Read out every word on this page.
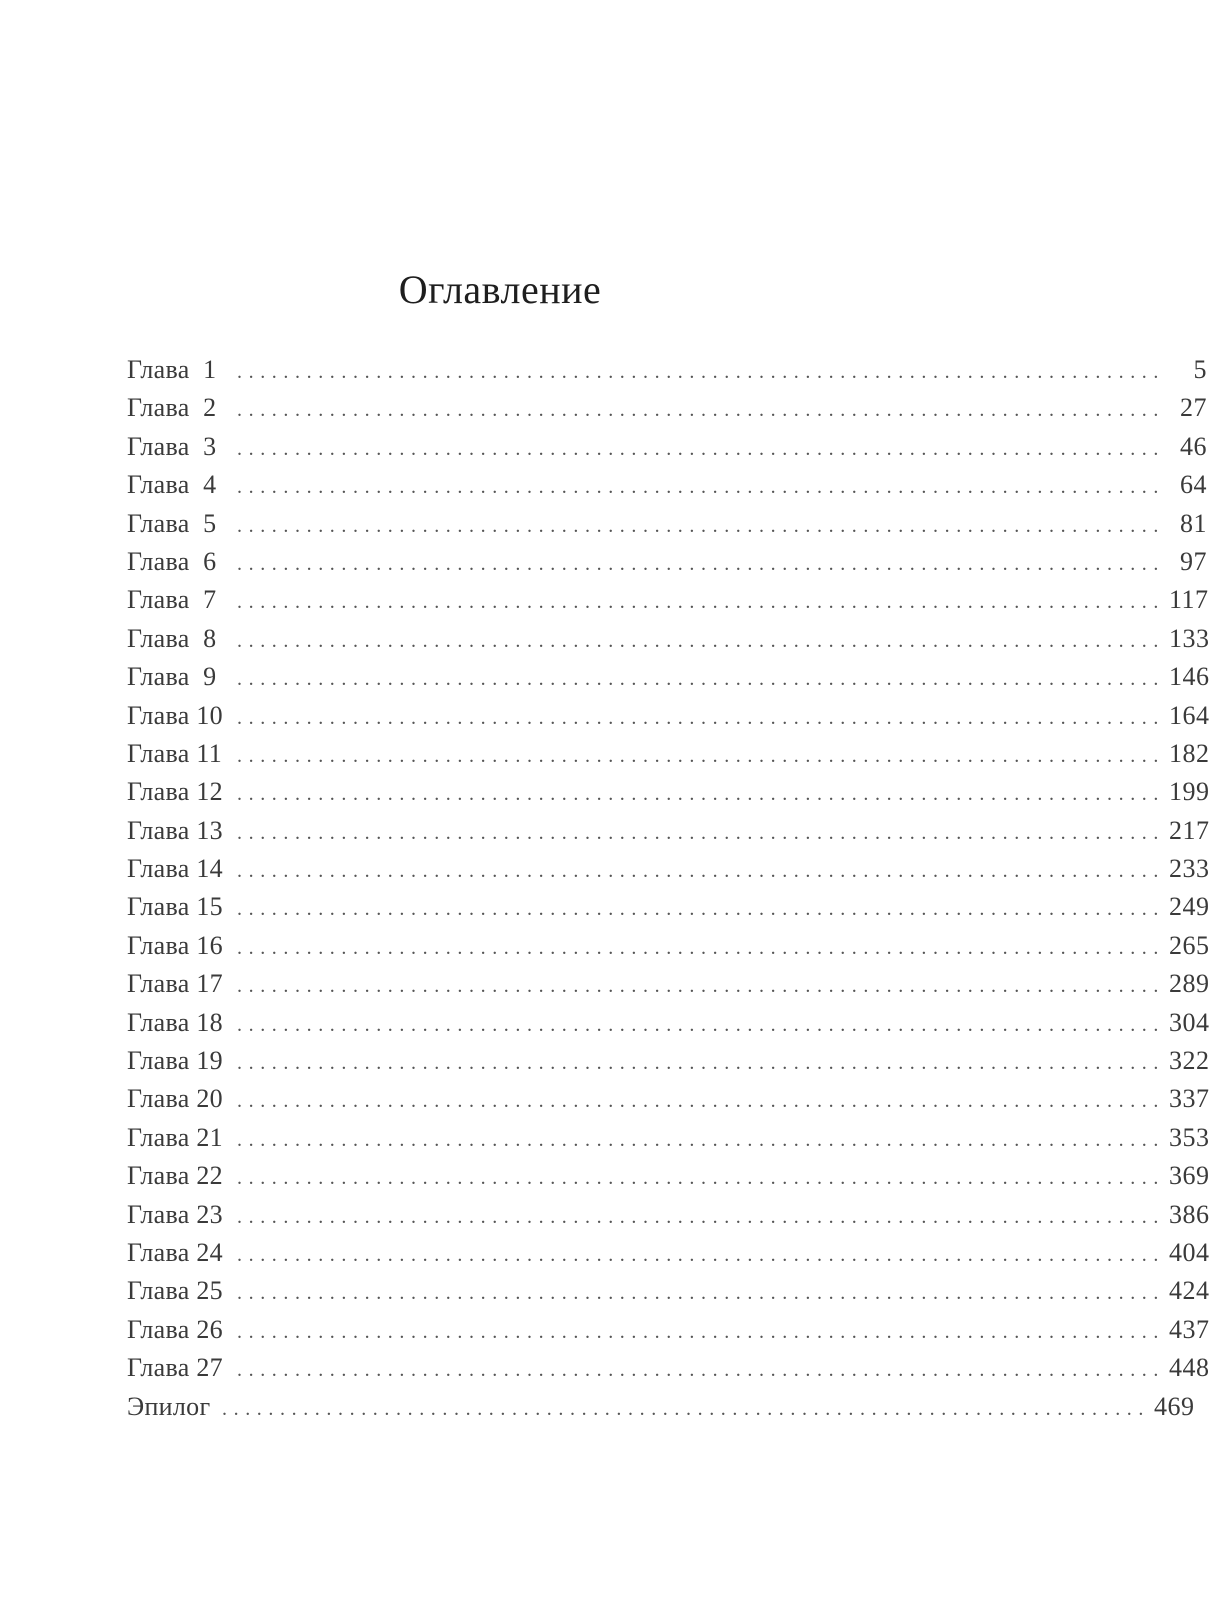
Оглавление
Глава  1	................................................................................	5
Глава  2	................................................................................ 27
Глава  3	................................................................................ 46
Глава  4	................................................................................ 64
Глава  5	................................................................................ 81
Глава  6	................................................................................ 97
Глава  7	................................................................................ 117
Глава  8	................................................................................ 133
Глава  9	................................................................................ 146
Глава 10 ................................................................................ 164
Глава 11 ................................................................................ 182
Глава 12 ................................................................................ 199
Глава 13 ................................................................................ 217
Глава 14 ................................................................................ 233
Глава 15 ................................................................................ 249
Глава 16 ................................................................................ 265
Глава 17 ................................................................................ 289
Глава 18 ................................................................................ 304
Глава 19 ................................................................................ 322
Глава 20 ................................................................................ 337
Глава 21 ................................................................................ 353
Глава 22 ................................................................................ 369
Глава 23 ................................................................................ 386
Глава 24 ................................................................................ 404
Глава 25 ................................................................................ 424
Глава 26 ................................................................................ 437
Глава 27 ................................................................................ 448
Эпилог ................................................................................ 469
